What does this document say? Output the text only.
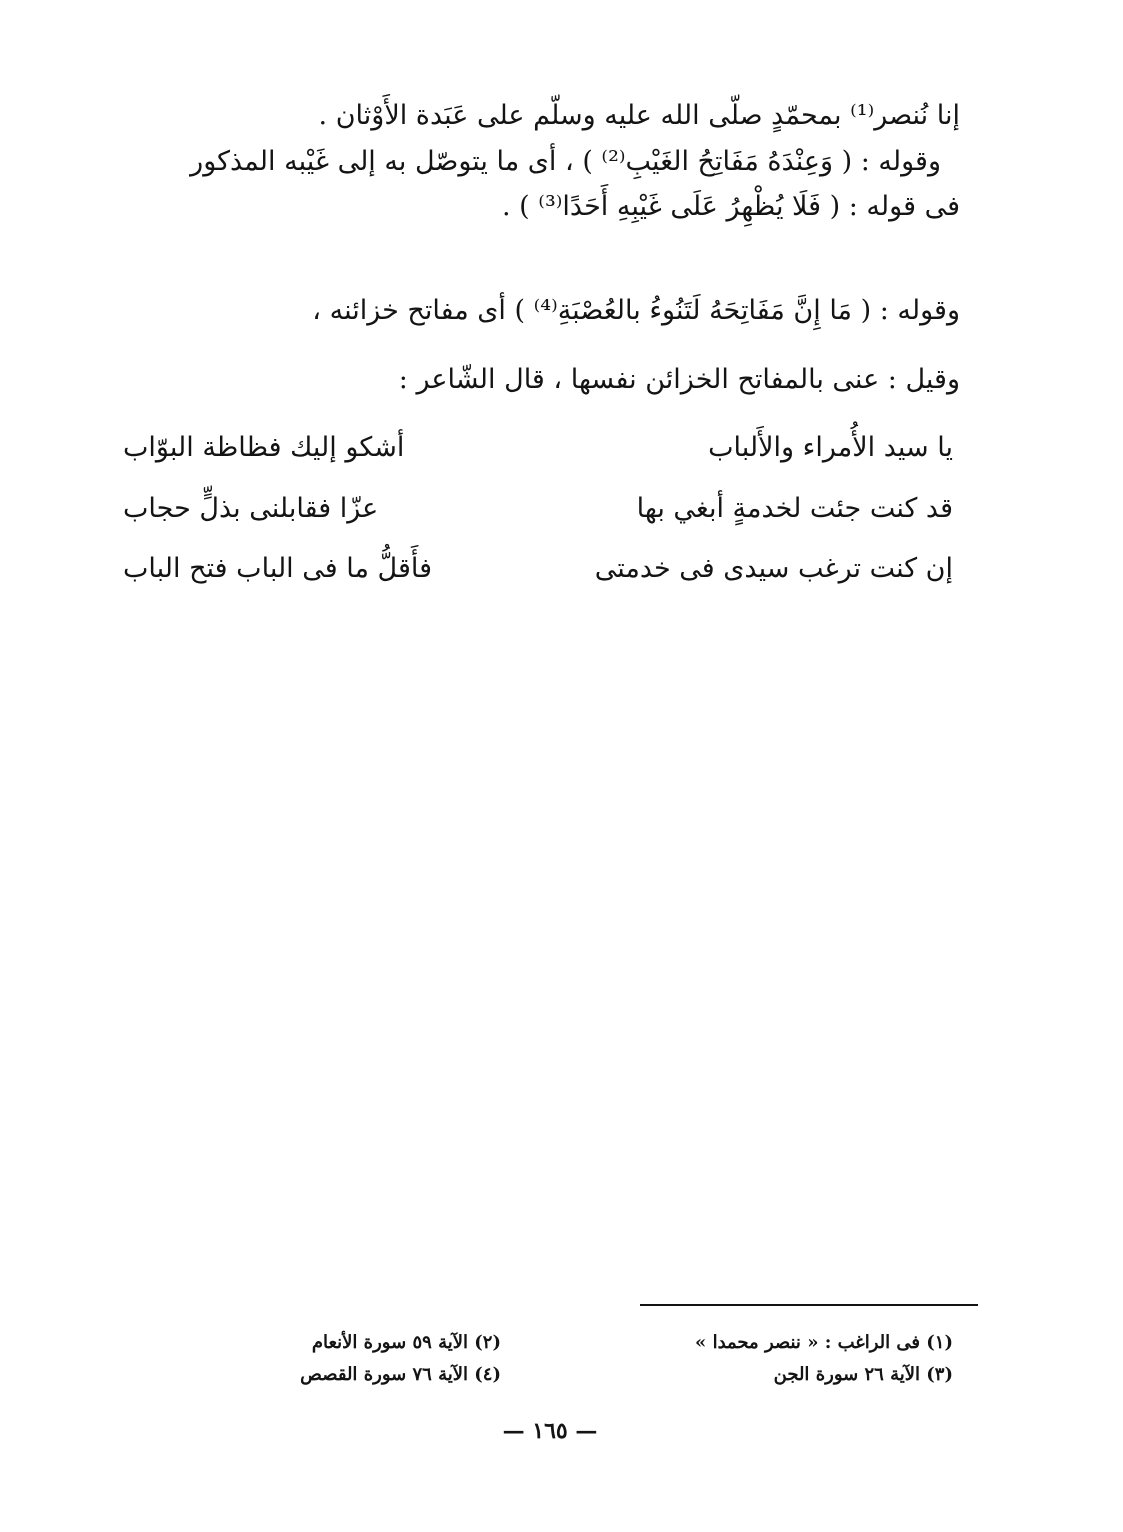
إنا نُنصر⁽¹⁾ بمحمّدٍ صلّى الله عليه وسلّم على عَبَدة الأَوْثان .
وقوله : ( وَعِنْدَهُ مَفَاتِحُ الغَيْبِ⁽²⁾ ) ، أى ما يتوصّل به إلى غَيْبه المذكور
فى قوله : ( فَلَا يُظْهِرُ عَلَى غَيْبِهِ أَحَدًا⁽³⁾ ) .
وقوله : ( مَا إِنَّ مَفَاتِحَهُ لَتَنُوءُ بالعُصْبَةِ⁽⁴⁾ ) أى مفاتح خزائنه ،
وقيل : عنى بالمفاتح الخزائن نفسها ، قال الشّاعر :
يا سيد الأُمراء والأَلباب
أشكو إليك فظاظة البوّاب
قد كنت جئت لخدمةٍ أبغي بها
عزّا فقابلنى بذلٍّ حجاب
إن كنت ترغب سيدى فى خدمتى
فأَقلُّ ما فى الباب فتح الباب
(١) فى الراغب : « ننصر محمدا »
(٢) الآية ٥٩ سورة الأنعام
(٣) الآية ٢٦ سورة الجن
(٤) الآية ٧٦ سورة القصص
— ١٦٥ —
